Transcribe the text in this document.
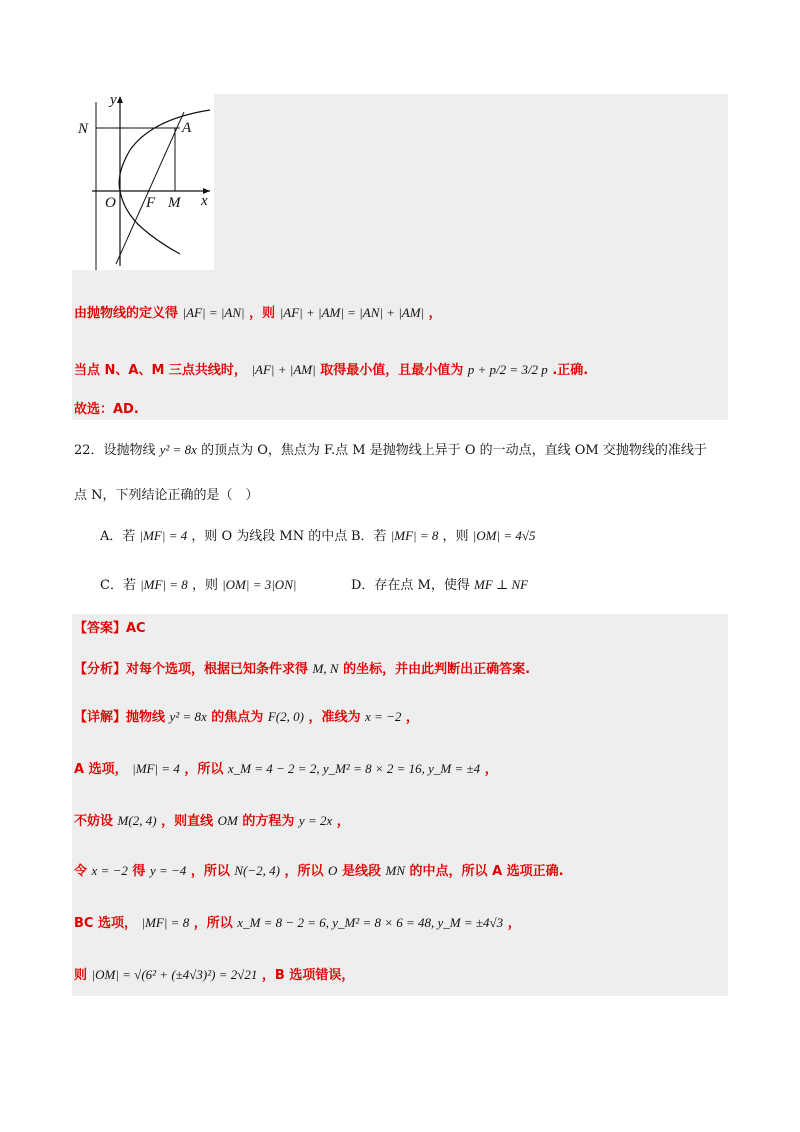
y
N	A
O F M x
由抛物线的定义得 |AF| = |AN| ，则 |AF| + |AM| = |AN| + |AM| ，
当点 N、A、M 三点共线时， |AF| + |AM| 取得最小值，且最小值为 p + p/2 = 3/2 p .正确.
故选：AD.
22．设抛物线 y² = 8x 的顶点为 O，焦点为 F.点 M 是抛物线上异于 O 的一动点，直线 OM 交抛物线的准线于
点 N，下列结论正确的是（　）
A．若 |MF| = 4 ，则 O 为线段 MN 的中点 B．若 |MF| = 8 ，则 |OM| = 4√5
C．若 |MF| = 8 ，则 |OM| = 3|ON|	D．存在点 M，使得 MF ⊥ NF
【答案】AC
【分析】对每个选项，根据已知条件求得 M, N 的坐标，并由此判断出正确答案.
【详解】抛物线 y² = 8x 的焦点为 F(2, 0) ，准线为 x = −2 ，
A 选项， |MF| = 4 ，所以 x_M = 4 − 2 = 2, y_M² = 8 × 2 = 16, y_M = ±4 ，
不妨设 M(2, 4) ，则直线 OM 的方程为 y = 2x ，
令 x = −2 得 y = −4 ，所以 N(−2, 4) ，所以 O 是线段 MN 的中点，所以 A 选项正确.
BC 选项， |MF| = 8 ，所以 x_M = 8 − 2 = 6, y_M² = 8 × 6 = 48, y_M = ±4√3 ，
则 |OM| = √(6² + (±4√3)²) = 2√21 ，B 选项错误，
